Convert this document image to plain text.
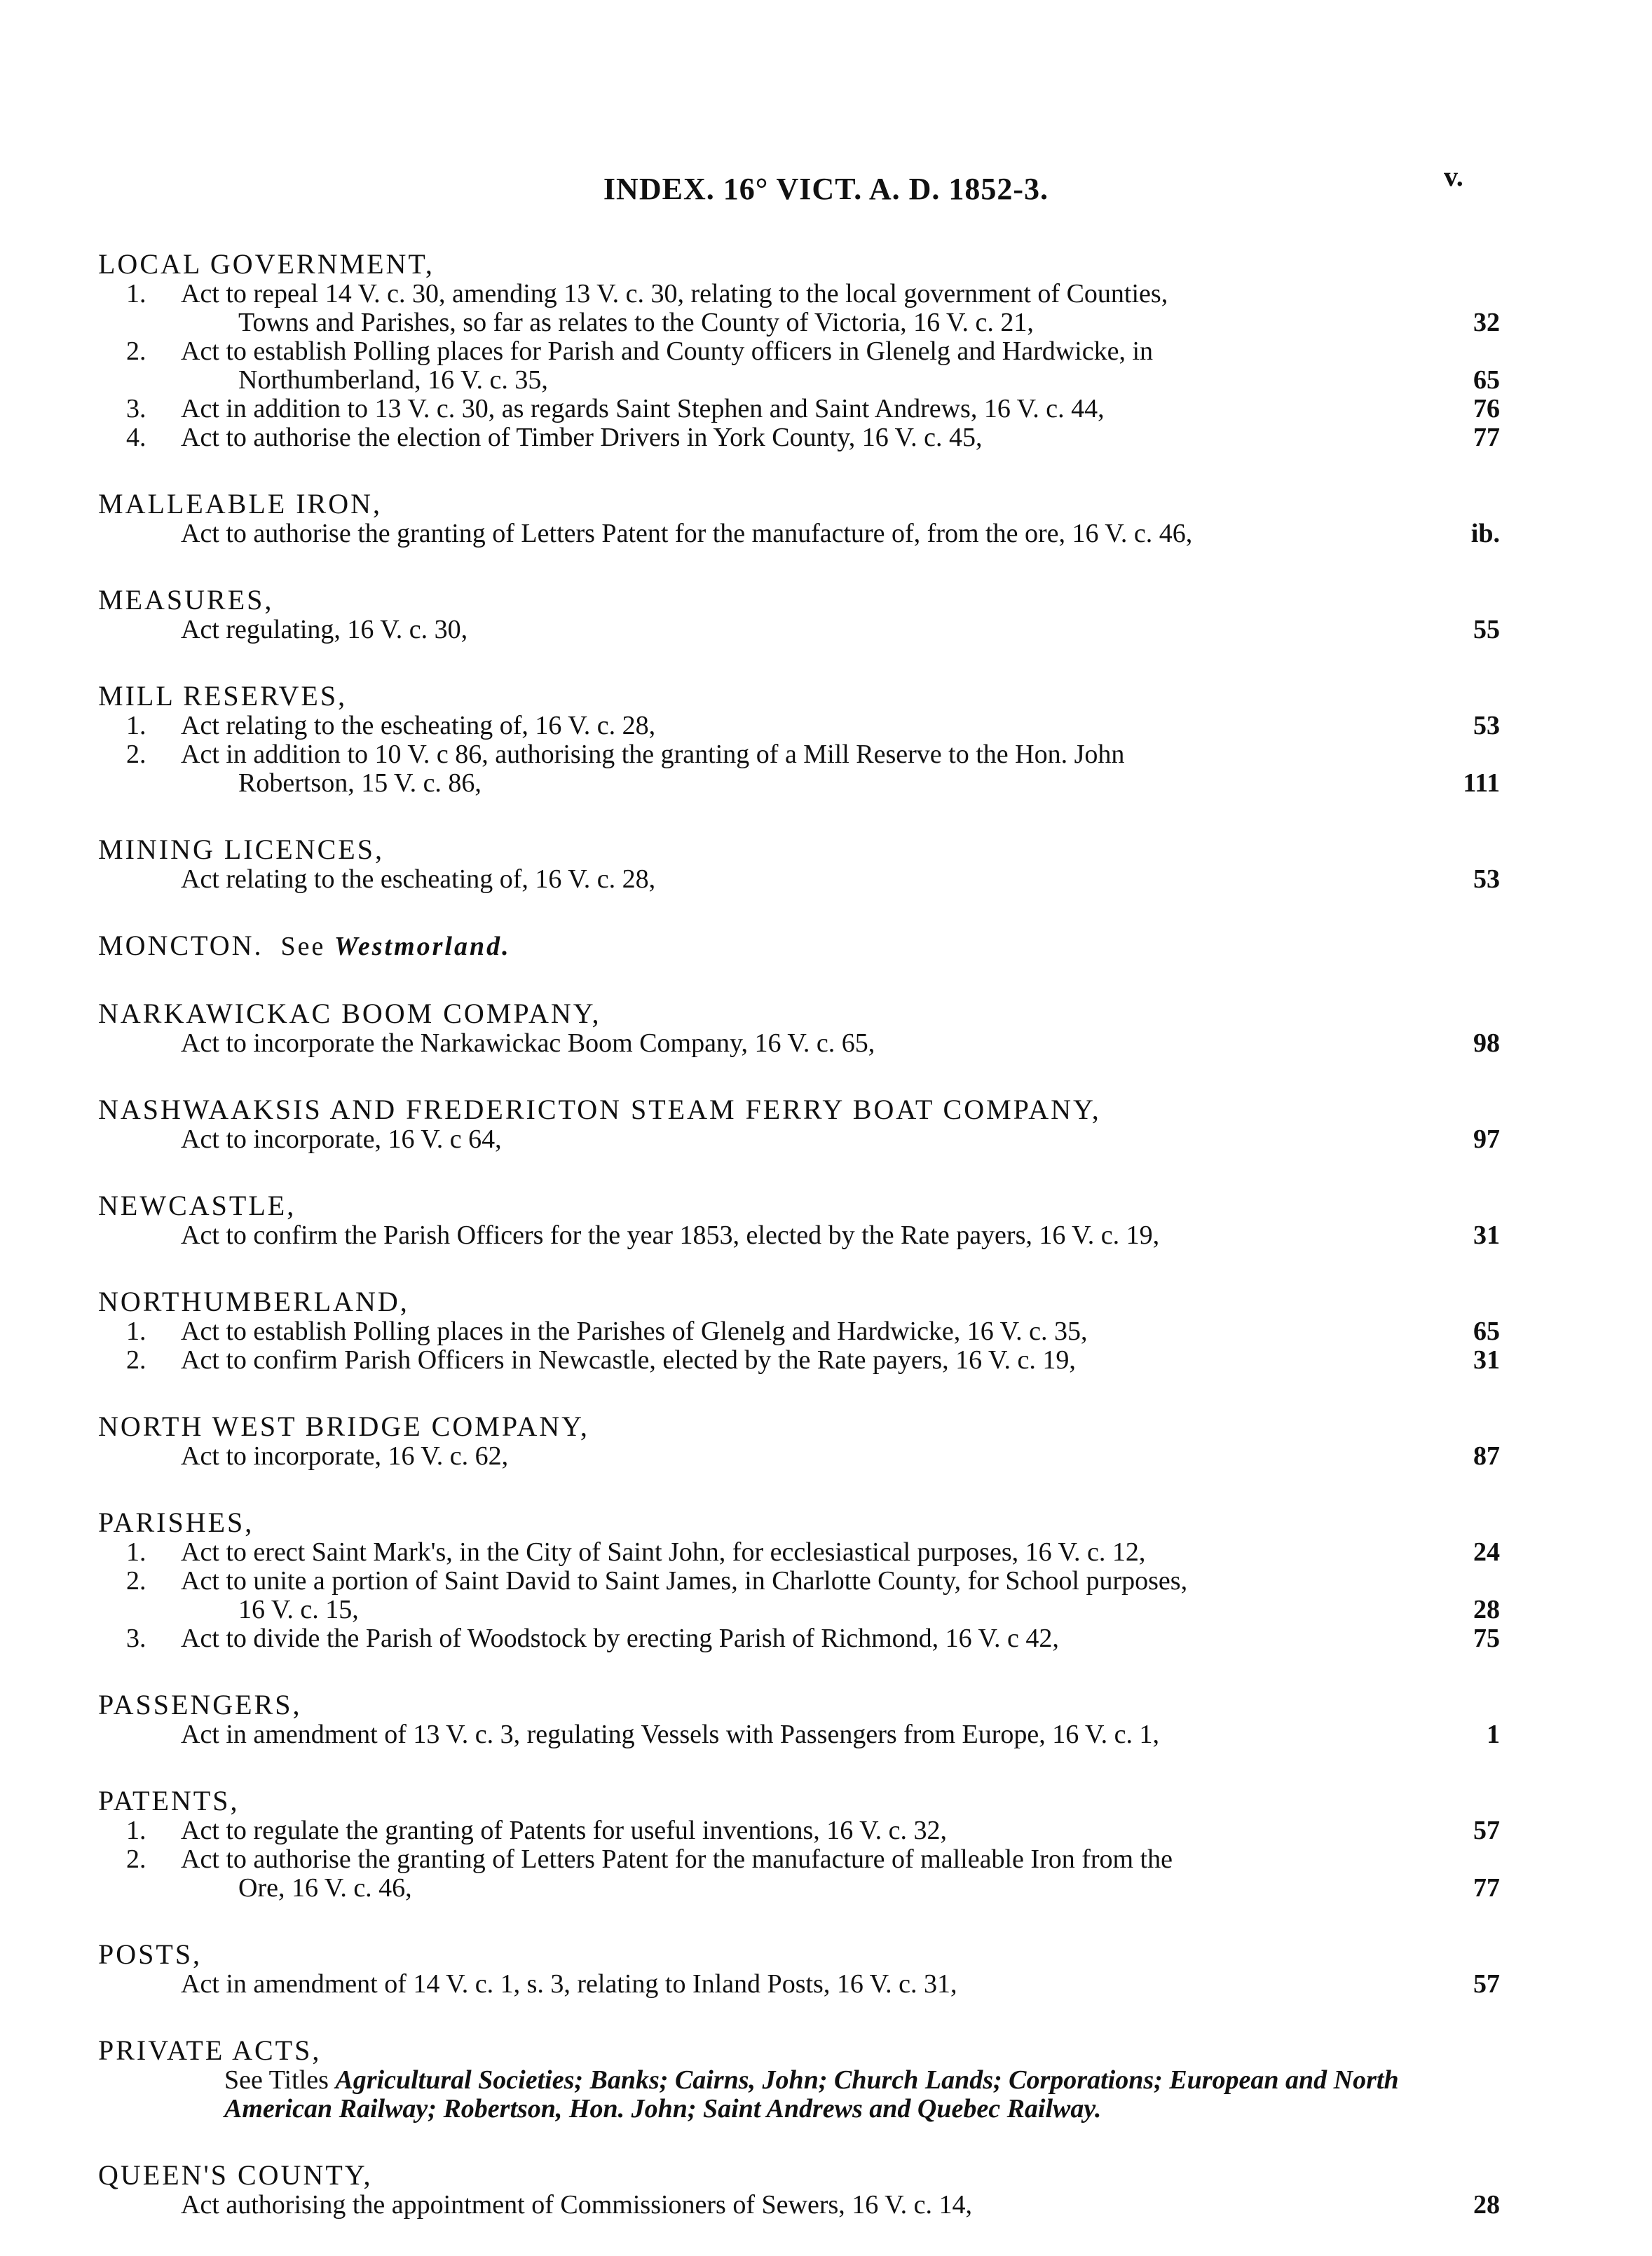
INDEX. 16° VICT. A. D. 1852-3.	v.
LOCAL GOVERNMENT,
1.	Act to repeal 14 V. c. 30, amending 13 V. c. 30, relating to the local government of Counties,
Towns and Parishes, so far as relates to the County of Victoria, 16 V. c. 21,	32
2.	Act to establish Polling places for Parish and County officers in Glenelg and Hardwicke, in
Northumberland, 16 V. c. 35,	65
3.	Act in addition to 13 V. c. 30, as regards Saint Stephen and Saint Andrews, 16 V. c. 44,	76
4.	Act to authorise the election of Timber Drivers in York County, 16 V. c. 45,	77
MALLEABLE IRON,
Act to authorise the granting of Letters Patent for the manufacture of, from the ore, 16 V. c. 46,	ib.
MEASURES,
Act regulating, 16 V. c. 30,	55
MILL RESERVES,
1.	Act relating to the escheating of, 16 V. c. 28,	53
2.	Act in addition to 10 V. c 86, authorising the granting of a Mill Reserve to the Hon. John
Robertson, 15 V. c. 86,	111
MINING LICENCES,
Act relating to the escheating of, 16 V. c. 28,	53
MONCTON. See Westmorland.
NARKAWICKAC BOOM COMPANY,
Act to incorporate the Narkawickac Boom Company, 16 V. c. 65,	98
NASHWAAKSIS AND FREDERICTON STEAM FERRY BOAT COMPANY,
Act to incorporate, 16 V. c 64,	97
NEWCASTLE,
Act to confirm the Parish Officers for the year 1853, elected by the Rate payers, 16 V. c. 19,	31
NORTHUMBERLAND,
1.	Act to establish Polling places in the Parishes of Glenelg and Hardwicke, 16 V. c. 35,	65
2.	Act to confirm Parish Officers in Newcastle, elected by the Rate payers, 16 V. c. 19,	31
NORTH WEST BRIDGE COMPANY,
Act to incorporate, 16 V. c. 62,	87
PARISHES,
1.	Act to erect Saint Mark's, in the City of Saint John, for ecclesiastical purposes, 16 V. c. 12,	24
2.	Act to unite a portion of Saint David to Saint James, in Charlotte County, for School purposes,
16 V. c. 15,	28
3.	Act to divide the Parish of Woodstock by erecting Parish of Richmond, 16 V. c 42,	75
PASSENGERS,
Act in amendment of 13 V. c. 3, regulating Vessels with Passengers from Europe, 16 V. c. 1,	1
PATENTS,
1.	Act to regulate the granting of Patents for useful inventions, 16 V. c. 32,	57
2.	Act to authorise the granting of Letters Patent for the manufacture of malleable Iron from the
Ore, 16 V. c. 46,	77
POSTS,
Act in amendment of 14 V. c. 1, s. 3, relating to Inland Posts, 16 V. c. 31,	57
PRIVATE ACTS,
See Titles Agricultural Societies; Banks; Cairns, John; Church Lands; Corporations; European and North American Railway; Robertson, Hon. John; Saint Andrews and Quebec Railway.
QUEEN'S COUNTY,
Act authorising the appointment of Commissioners of Sewers, 16 V. c. 14,	28
